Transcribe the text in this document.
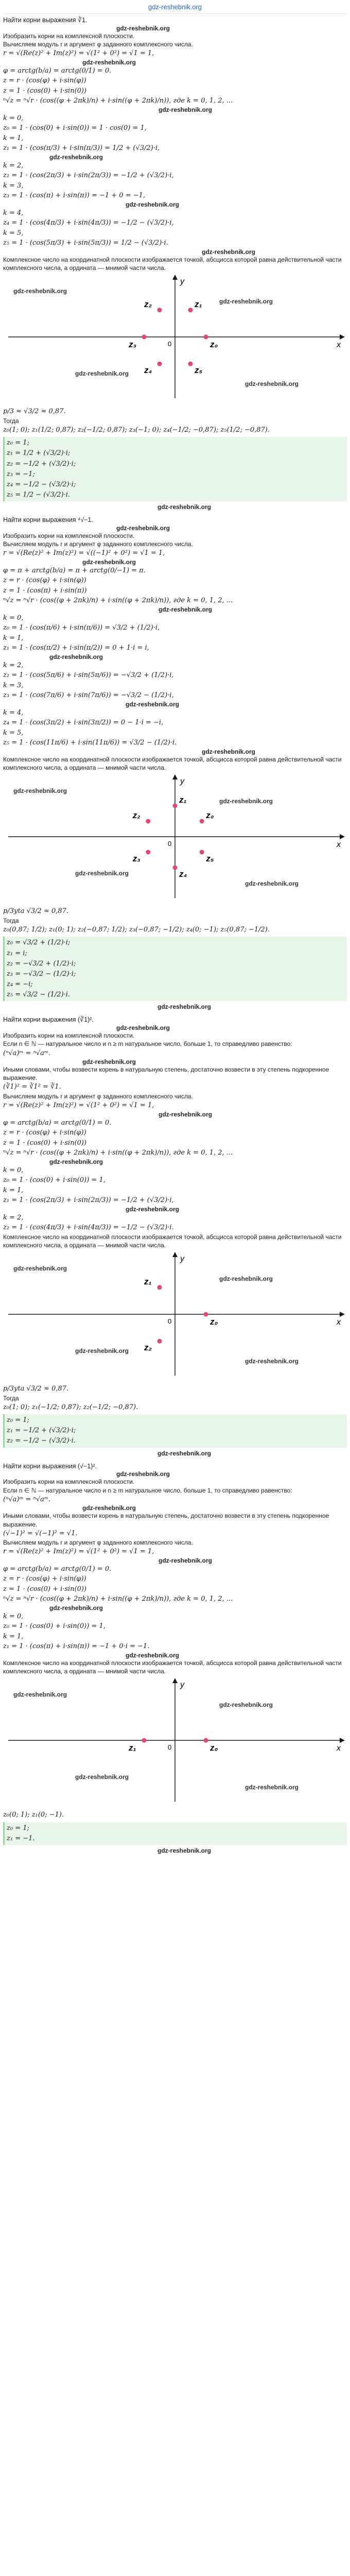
gdz-reshebnik.org

Найти корни выражения ∛1.

gdz-reshebnik.org

Изобразить корни на комплексной плоскости.

Вычисляем модуль r и аргумент φ заданного комплексного числа.

r = √(Re(z)² + Im(z)²) = √(1² + 0²) = √1 = 1,

gdz-reshebnik.org

φ = arctg(b/a) = arctg(0/1) = 0.

z = r · (cos(φ) + i·sin(φ))

z = 1 · (cos(0) + i·sin(0))

ⁿ√z = ⁿ√r · (cos((φ + 2πk)/n) + i·sin((φ + 2πk)/n)), где k = 0, 1, 2, ...

gdz-reshebnik.org

k = 0,

z₀ = 1 · (cos(0) + i·sin(0)) = 1 · cos(0) = 1,

k = 1,

z₁ = 1 · (cos(π/3) + i·sin(π/3)) = 1/2 + (√3/2)·i,

gdz-reshebnik.org

k = 2,

z₂ = 1 · (cos(2π/3) + i·sin(2π/3)) = −1/2 + (√3/2)·i,

k = 3,

z₃ = 1 · (cos(π) + i·sin(π)) = −1 + 0 = −1,

gdz-reshebnik.org

k = 4,

z₄ = 1 · (cos(4π/3) + i·sin(4π/3)) = −1/2 − (√3/2)·i,

k = 5,

z₅ = 1 · (cos(5π/3) + i·sin(5π/3)) = 1/2 − (√3/2)·i.

gdz-reshebnik.org

Комплексное число на координатной плоскости изображается точкой, абсцисса которой равна действительной части комплексного числа, а ордината — мнимой части числа.

x
y
0	z₀
z₁
z₂
z₃
z₄	z₅
gdz-reshebnik.org
gdz-reshebnik.org
gdz-reshebnik.org
gdz-reshebnik.org

р/3 ≈ √3/2 ≈ 0,87.

Тогда

z₀(1; 0); z₁(1/2; 0,87); z₂(−1/2; 0,87); z₃(−1; 0); z₄(−1/2; −0,87); z₅(1/2; −0,87).

z₀ = 1;
z₁ = 1/2 + (√3/2)·i;
z₂ = −1/2 + (√3/2)·i;
z₃ = −1;
z₄ = −1/2 − (√3/2)·i;
z₅ = 1/2 − (√3/2)·i.
gdz-reshebnik.org

Найти корни выражения ⁴√−1.

gdz-reshebnik.org

Изобразить корни на комплексной плоскости.

Вычисляем модуль r и аргумент φ заданного комплексного числа.

r = √(Re(z)² + Im(z)²) = √((−1)² + 0²) = √1 = 1,

gdz-reshebnik.org

φ = π + arctg(b/a) = π + arctg(0/−1) = π.

z = r · (cos(φ) + i·sin(φ))

z = 1 · (cos(π) + i·sin(π))

ⁿ√z = ⁿ√r · (cos((φ + 2πk)/n) + i·sin((φ + 2πk)/n)), где k = 0, 1, 2, ...

gdz-reshebnik.org

k = 0,

z₀ = 1 · (cos(π/6) + i·sin(π/6)) = √3/2 + (1/2)·i,

k = 1,

z₁ = 1 · (cos(π/2) + i·sin(π/2)) = 0 + 1·i = i,

gdz-reshebnik.org

k = 2,

z₂ = 1 · (cos(5π/6) + i·sin(5π/6)) = −√3/2 + (1/2)·i,

k = 3,

z₃ = 1 · (cos(7π/6) + i·sin(7π/6)) = −√3/2 − (1/2)·i,

gdz-reshebnik.org

k = 4,

z₄ = 1 · (cos(3π/2) + i·sin(3π/2)) = 0 − 1·i = −i,

k = 5,

z₅ = 1 · (cos(11π/6) + i·sin(11π/6)) = √3/2 − (1/2)·i.

gdz-reshebnik.org

Комплексное число на координатной плоскости изображается точкой, абсцисса которой равна действительной части комплексного числа, а ордината — мнимой части числа.

x
y
0
z₀
z₁
z₂
z₃
z₄
z₅
gdz-reshebnik.org
gdz-reshebnik.org
gdz-reshebnik.org
gdz-reshebnik.org

р/3уta √3/2 ≈ 0,87.

Тогда

z₀(0,87; 1/2); z₁(0; 1); z₂(−0,87; 1/2); z₃(−0,87; −1/2); z₄(0; −1); z₅(0,87; −1/2).

z₀ = √3/2 + (1/2)·i;
z₁ = i;
z₂ = −√3/2 + (1/2)·i;
z₃ = −√3/2 − (1/2)·i;
z₄ = −i;
z₅ = √3/2 − (1/2)·i.
gdz-reshebnik.org

Найти корни выражения (∛1)².

gdz-reshebnik.org

Изобразить корни на комплексной плоскости.

Если n ∈ ℕ — натуральное число и n ≥ m натуральное число, больше 1, то справедливо равенство:

(ⁿ√a)ᵐ = ⁿ√aᵐ.

gdz-reshebnik.org

Иными словами, чтобы возвести корень в натуральную степень, достаточно возвести в эту степень подкоренное выражение.

(∛1)² = ∛1² = ∛1.

Вычисляем модуль r и аргумент φ заданного комплексного числа.

r = √(Re(z)² + Im(z)²) = √(1² + 0²) = √1 = 1,

gdz-reshebnik.org

φ = arctg(b/a) = arctg(0/1) = 0.

z = r · (cos(φ) + i·sin(φ))

z = 1 · (cos(0) + i·sin(0))

ⁿ√z = ⁿ√r · (cos((φ + 2πk)/n) + i·sin((φ + 2πk)/n)), где k = 0, 1, 2, ...

gdz-reshebnik.org

k = 0,

z₀ = 1 · (cos(0) + i·sin(0)) = 1,

k = 1,

z₁ = 1 · (cos(2π/3) + i·sin(2π/3)) = −1/2 + (√3/2)·i,

gdz-reshebnik.org

k = 2,

z₂ = 1 · (cos(4π/3) + i·sin(4π/3)) = −1/2 − (√3/2)·i.

Комплексное число на координатной плоскости изображается точкой, абсцисса которой равна действительной части комплексного числа, а ордината — мнимой части числа.

x
y
0	z₀
z₁
z₂
gdz-reshebnik.org
gdz-reshebnik.org
gdz-reshebnik.org
gdz-reshebnik.org

р/3уta √3/2 ≈ 0,87.

Тогда

z₀(1; 0); z₁(−1/2; 0,87); z₂(−1/2; −0,87).

z₀ = 1;
z₁ = −1/2 + (√3/2)·i;
z₂ = −1/2 − (√3/2)·i.
gdz-reshebnik.org

Найти корни выражения (√−1)².

gdz-reshebnik.org

Изобразить корни на комплексной плоскости.

Если n ∈ ℕ — натуральное число и n ≥ m натуральное число, больше 1, то справедливо равенство:

(ⁿ√a)ᵐ = ⁿ√aᵐ.

gdz-reshebnik.org

Иными словами, чтобы возвести корень в натуральную степень, достаточно возвести в эту степень подкоренное выражение.

(√−1)² = √(−1)² = √1.

Вычисляем модуль r и аргумент φ заданного комплексного числа.

r = √(Re(z)² + Im(z)²) = √(1² + 0²) = √1 = 1,

gdz-reshebnik.org

φ = arctg(b/a) = arctg(0/1) = 0.

z = r · (cos(φ) + i·sin(φ))

z = 1 · (cos(0) + i·sin(0))

ⁿ√z = ⁿ√r · (cos((φ + 2πk)/n) + i·sin((φ + 2πk)/n)), где k = 0, 1, 2, ...

gdz-reshebnik.org

k = 0,

z₀ = 1 · (cos(0) + i·sin(0)) = 1,

k = 1,

z₁ = 1 · (cos(π) + i·sin(π)) = −1 + 0·i = −1.

gdz-reshebnik.org

Комплексное число на координатной плоскости изображается точкой, абсцисса которой равна действительной части комплексного числа, а ордината — мнимой части числа.

x
y
0	z₀
z₁
gdz-reshebnik.org
gdz-reshebnik.org
gdz-reshebnik.org
gdz-reshebnik.org

z₀(0; 1); z₁(0; −1).

z₀ = 1;
z₁ = −1.
gdz-reshebnik.org
